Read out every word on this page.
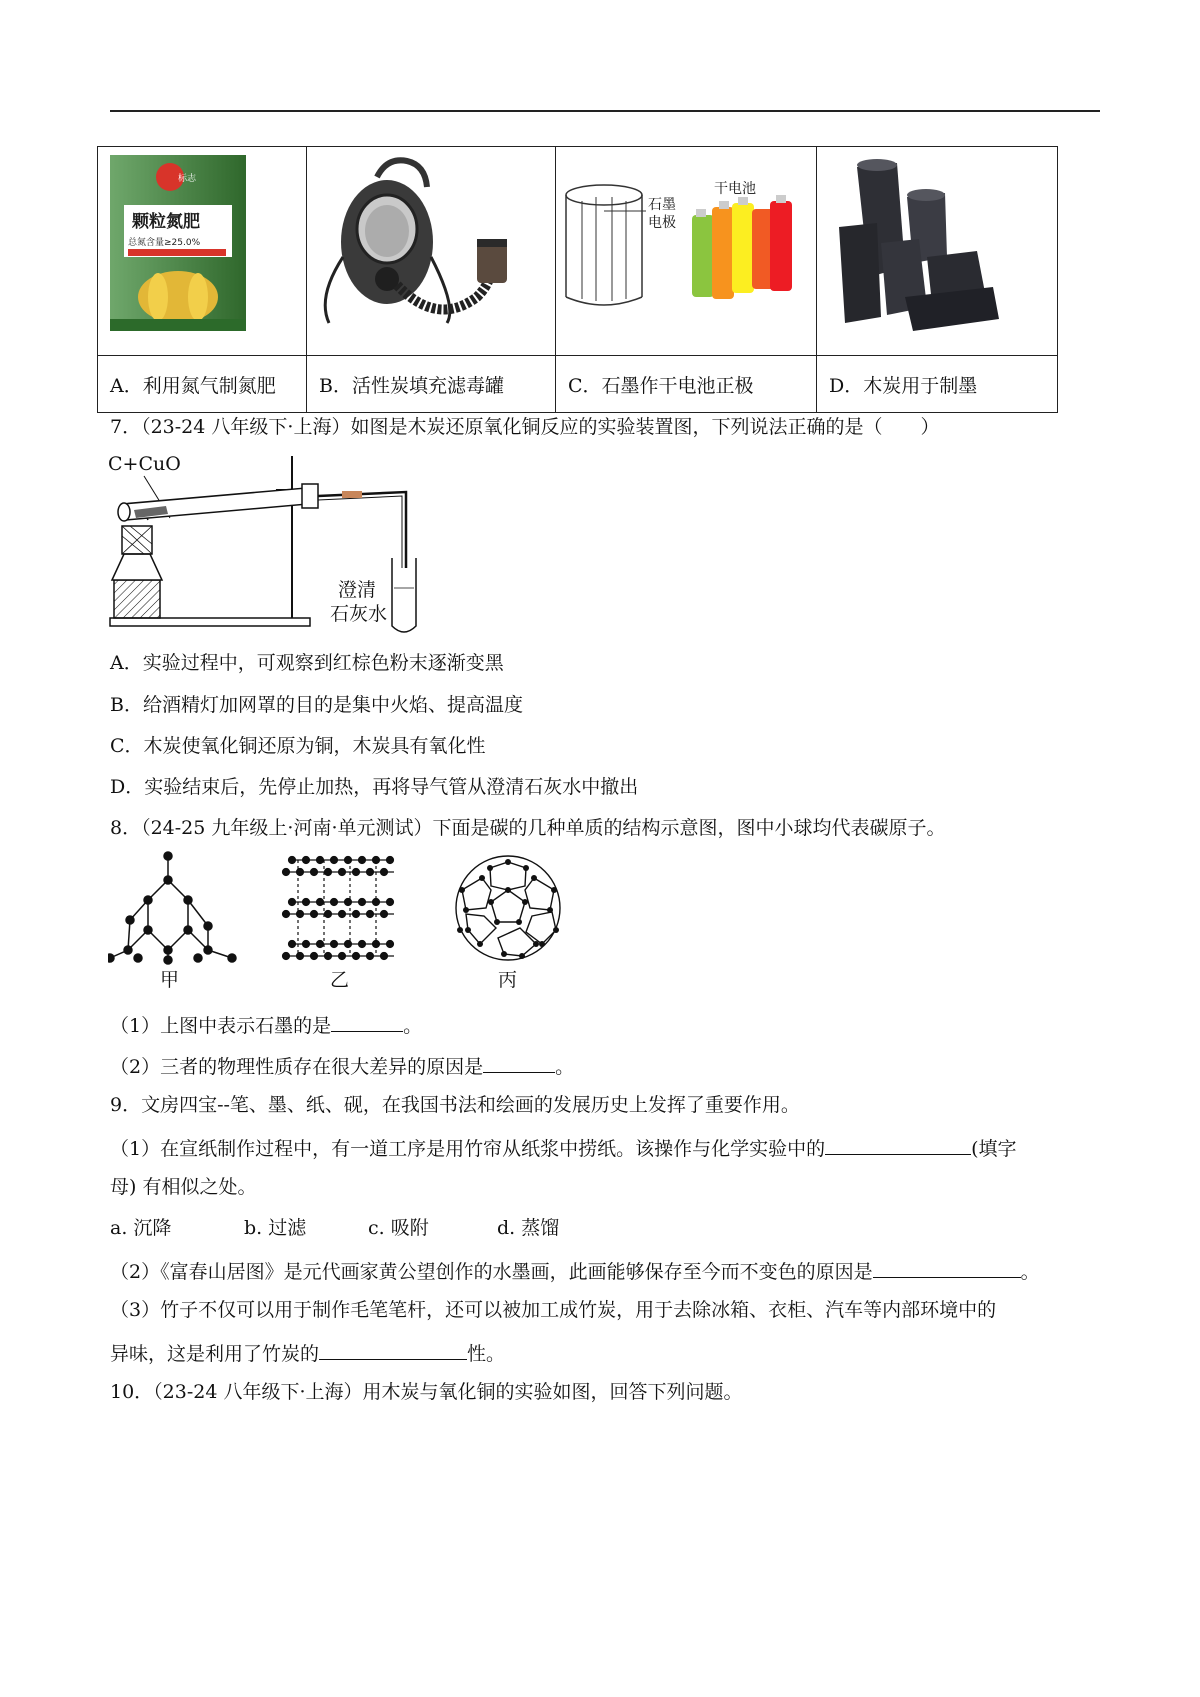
标志
颗粒氮肥
总氮含量≥25.0%		石墨
电极
干电池

A．利用氮气制氮肥	B．活性炭填充滤毒罐	C．石墨作干电池正极	D．木炭用于制墨
7．（23-24 八年级下·上海）如图是木炭还原氧化铜反应的实验装置图，下列说法正确的是（　　）
C+CuO
澄清
石灰水
A．实验过程中，可观察到红棕色粉末逐渐变黑
B．给酒精灯加网罩的目的是集中火焰、提高温度
C．木炭使氧化铜还原为铜，木炭具有氧化性
D．实验结束后，先停止加热，再将导气管从澄清石灰水中撤出
8．（24-25 九年级上·河南·单元测试）下面是碳的几种单质的结构示意图，图中小球均代表碳原子。
甲	乙	丙
（1）上图中表示石墨的是	。
（2）三者的物理性质存在很大差异的原因是	。
9．文房四宝--笔、墨、纸、砚，在我国书法和绘画的发展历史上发挥了重要作用。
（1）在宣纸制作过程中，有一道工序是用竹帘从纸浆中捞纸。该操作与化学实验中的	(填字
母) 有相似之处。
a. 沉降	b. 过滤	c. 吸附	d. 蒸馏
（2）《富春山居图》是元代画家黄公望创作的水墨画，此画能够保存至今而不变色的原因是	。
（3）竹子不仅可以用于制作毛笔笔杆，还可以被加工成竹炭，用于去除冰箱、衣柜、汽车等内部环境中的
异味，这是利用了竹炭的	性。
10．（23-24 八年级下·上海）用木炭与氧化铜的实验如图，回答下列问题。
